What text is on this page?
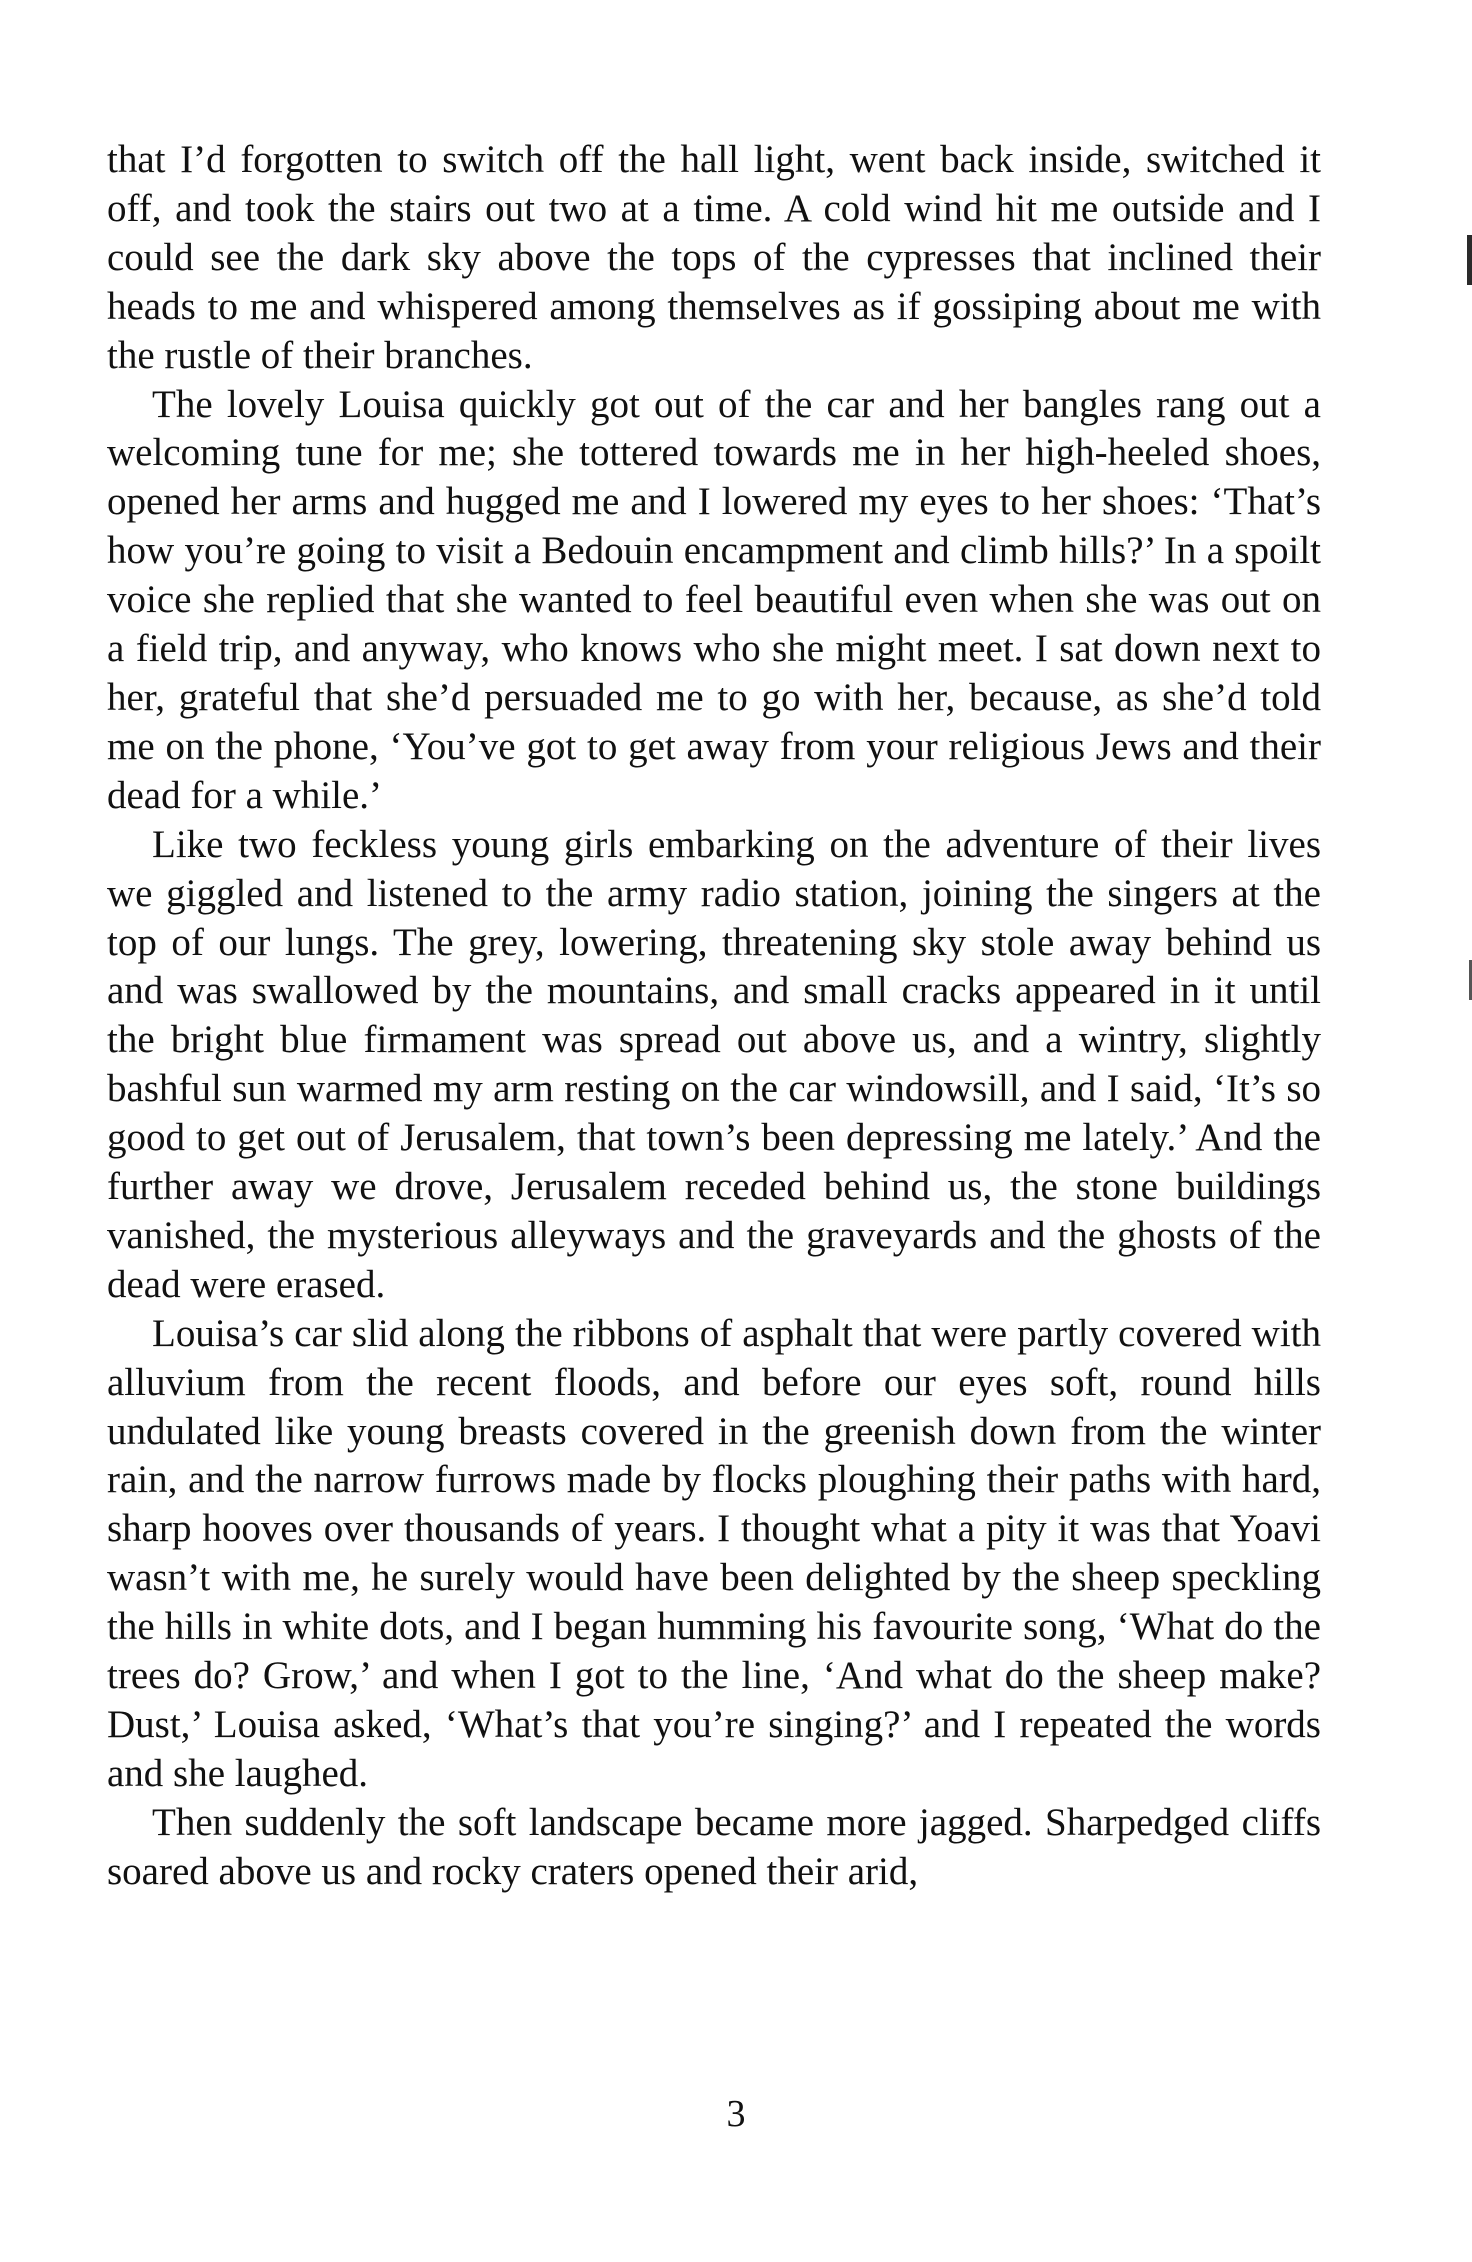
that I’d forgotten to switch off the hall light, went back inside, switched it off, and took the stairs out two at a time. A cold wind hit me outside and I could see the dark sky above the tops of the cypresses that inclined their heads to me and whispered among themselves as if gossiping about me with the rustle of their branches.

The lovely Louisa quickly got out of the car and her bangles rang out a welcoming tune for me; she tottered towards me in her high-heeled shoes, opened her arms and hugged me and I lowered my eyes to her shoes: ‘That’s how you’re going to visit a Bedouin encampment and climb hills?’ In a spoilt voice she replied that she wanted to feel beautiful even when she was out on a field trip, and anyway, who knows who she might meet. I sat down next to her, grateful that she’d persuaded me to go with her, because, as she’d told me on the phone, ‘You’ve got to get away from your religious Jews and their dead for a while.’

Like two feckless young girls embarking on the adventure of their lives we giggled and listened to the army radio station, joining the singers at the top of our lungs. The grey, lowering, threatening sky stole away behind us and was swallowed by the mountains, and small cracks appeared in it until the bright blue firmament was spread out above us, and a wintry, slightly bashful sun warmed my arm resting on the car windowsill, and I said, ‘It’s so good to get out of Jerusalem, that town’s been depressing me lately.’ And the further away we drove, Jerusalem receded behind us, the stone buildings vanished, the mysterious alleyways and the graveyards and the ghosts of the dead were erased.

Louisa’s car slid along the ribbons of asphalt that were partly covered with alluvium from the recent floods, and before our eyes soft, round hills undulated like young breasts covered in the greenish down from the winter rain, and the narrow furrows made by flocks ploughing their paths with hard, sharp hooves over thousands of years. I thought what a pity it was that Yoavi wasn’t with me, he surely would have been delighted by the sheep speckling the hills in white dots, and I began humming his favourite song, ‘What do the trees do? Grow,’ and when I got to the line, ‘And what do the sheep make? Dust,’ Louisa asked, ‘What’s that you’re singing?’ and I repeated the words and she laughed.

Then suddenly the soft landscape became more jagged. Sharpedged cliffs soared above us and rocky craters opened their arid,

3
